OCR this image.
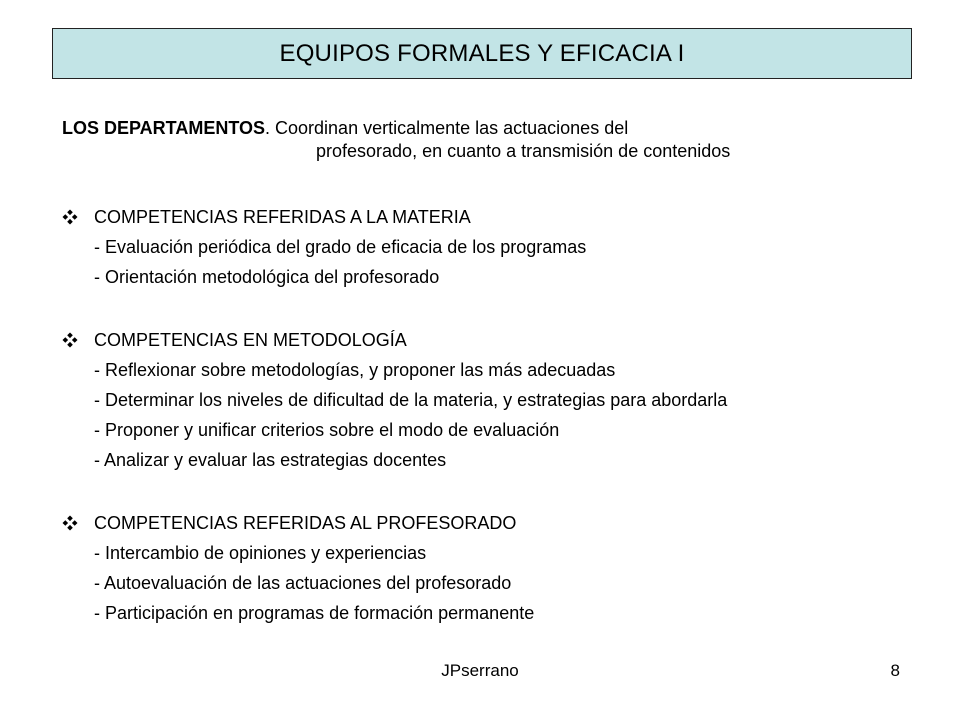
EQUIPOS FORMALES Y EFICACIA I
LOS DEPARTAMENTOS. Coordinan verticalmente las actuaciones del
profesorado, en cuanto a transmisión de contenidos
COMPETENCIAS REFERIDAS A LA MATERIA
- Evaluación periódica del grado de eficacia de los programas
- Orientación metodológica del profesorado
COMPETENCIAS EN METODOLOGÍA
- Reflexionar sobre metodologías, y proponer las más adecuadas
- Determinar los niveles de dificultad de la materia, y estrategias para abordarla
- Proponer y unificar criterios sobre el modo de evaluación
- Analizar y evaluar las estrategias docentes
COMPETENCIAS REFERIDAS AL PROFESORADO
- Intercambio de opiniones y experiencias
- Autoevaluación de las actuaciones del profesorado
- Participación en programas de formación permanente
JPserrano	8
